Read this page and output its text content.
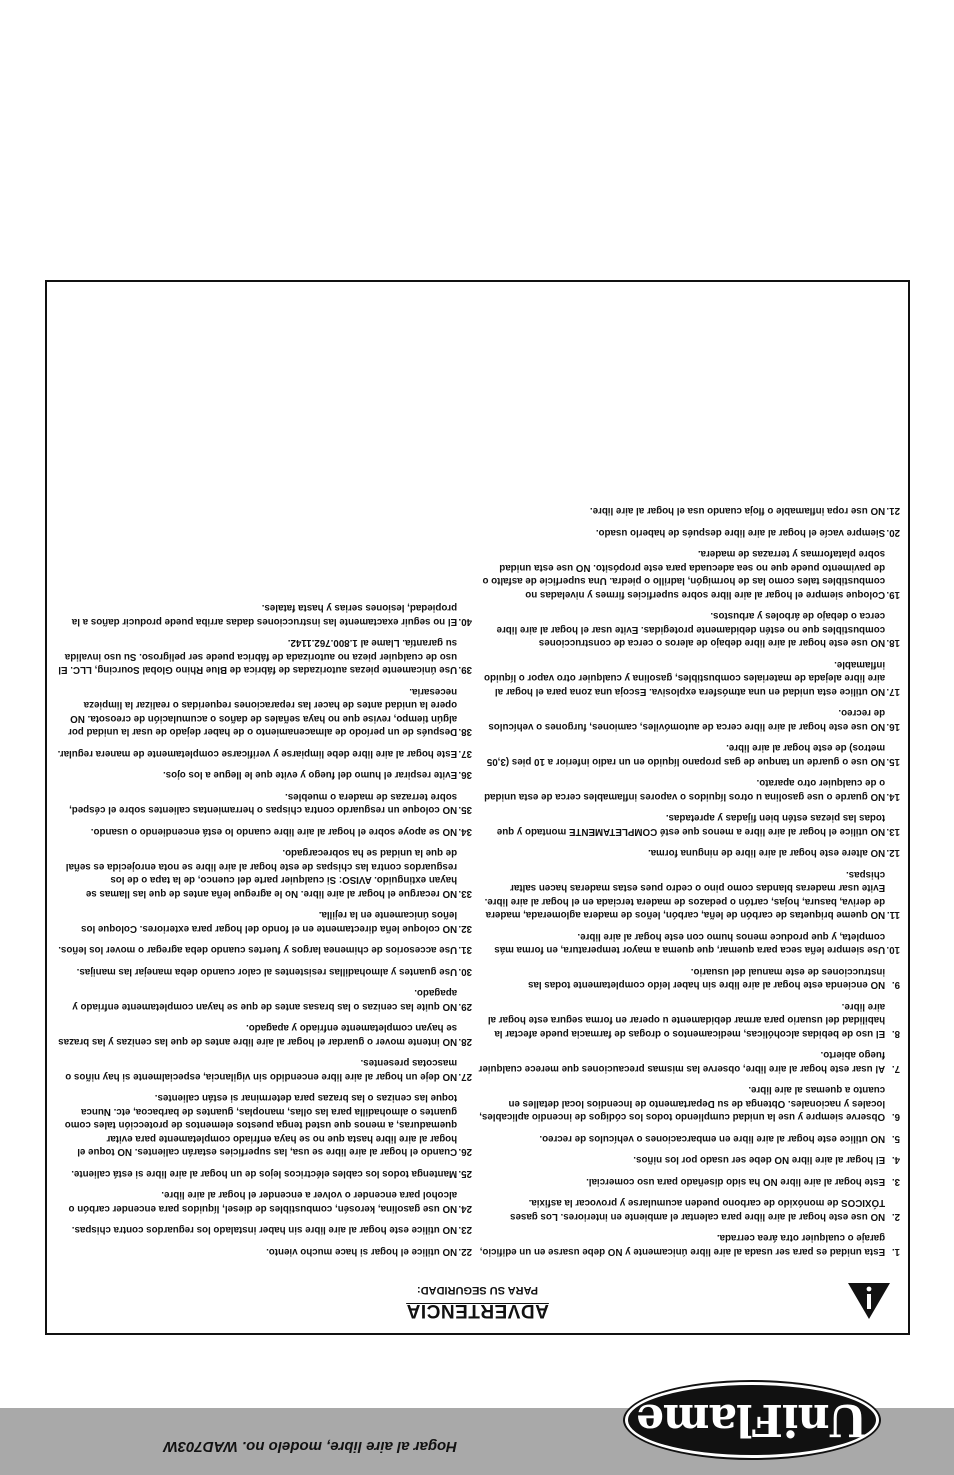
UniFlame
Hogar al aire libre, modelo no. WAD703W
ADVERTENCIA
PARA SU SEGURIDAD:
1.
Esta unidad es para ser usada al aire libre únicamente y NO debe usarse en un edificio, garaje o cualquier otra área cerrada.
2.
NO use este hogar al aire libre para calentar el ambiente en interiores. Los gases TÓXICOS de monóxido de carbono pueden acumularse y provocar la asfixia.
3.
Este hogar al aire libre NO ha sido diseñado para uso comercial.
4.
El hogar al aire libre NO debe ser usado por los niños.
5.
NO utilice este hogar al aire libre en embarcaciones o vehículos de recreo.
6.
Observe siempre y use la unidad cumpliendo todos los códigos de incendio aplicables, locales y nacionales. Obtenga de su Departamento de Incendios local detalles en cuanto a quemas al aire libre.
7.
Al usar este hogar al aire libre, observe las mismas precauciones que merece cualquier fuego abierto.
8.
El uso de bebidas alcohólicas, medicamentos o drogas de farmacia puede afectar la habilidad del usuario para armar debidamente u operar en forma segura este hogar al aire libre.
9.
NO encienda este hogar al aire libre sin haber leído completamente todas las instrucciones de este manual del usuario.
10.
Use siempre leña seca para quemar, que quema a mayor temperatura, en forma más completa, y que produce menos humo con este hogar al aire libre.
11.
NO queme briquetas de carbón de leña, carbón, leños de madera aglomerada, madera de deriva, basura, hojas, cartón o pedazos de madera terciada en el hogar al aire libre. Evite usar maderas blandas como pino o cedro pues estas maderas hacen saltar chispas.
12.
NO altere este hogar al aire libre de ninguna forma.
13.
NO utilice el hogar al aire libre a menos que esté COMPLETAMENTE montado y que todas las piezas estén bien fijadas y apretadas.
14.
NO guarde o use gasolina u otros líquidos o vapores inflamables cerca de esta unidad o de cualquier otro aparato.
15.
NO use o guarde un tanque de gas propano líquido en un radio inferior a 10 pies (3,05 metros) de este hogar al aire libre.
16.
NO use este hogar al aire libre cerca de automóviles, camiones, furgones o vehículos de recreo.
17.
NO utilice esta unidad en una atmósfera explosiva. Escoja una zona para el hogar al aire libre alejada de materiales combustibles, gasolina y cualquier otro vapor o líquido inflamable.
18.
NO use este hogar al aire libre debajo de aleros o cerca de construcciones combustibles que no estén debidamente protegidas. Evite usar el hogar al aire libre cerca o debajo de árboles y arbustos.
19.
Coloque siempre el hogar al aire libre sobre superficies firmes y niveladas no combustibles tales como las de hormigón, ladrillo o piedra. Una superficie de asfalto o de pavimento puede que no sea adecuada para este propósito. NO use esta unidad sobre plataformas y terrazas de madera.
20.
Siempre vacíe el hogar al aire libre después de haberlo usado.
21.
NO use ropa inflamable o floja cuando usa el hogar al aire libre.
22.
NO utilice el hogar si hace mucho viento.
23.
NO utilice este hogar al aire libre sin haber instalado los reguardos contra chispas.
24.
NO use gasolina, kerosén, combustibles de diesel, líquidos para encender carbón o alcohol para encender o volver a encender el hogar al aire libre.
25.
Mantenga todos los cables eléctricos lejos de un hogar al aire libre si está caliente.
26.
Cuando el hogar al aire libre se usa, las superficies estarán calientes. NO toque el hogar al aire libre hasta que no se haya enfriado completamente para evitar quemaduras, a menos que usted tenga puestos elementos de protección tales como guantes o almohadilla para las ollas, manoplas, guantes de barbacoa, etc. Nunca toque las cenizas o las brazas para determinar si están calientes.
27.
NO deje un hogar al aire libre encendido sin vigilancia, especialmente si hay niños o mascotas presentes.
28.
NO intente mover o guardar el hogar al aire libre antes de que las cenizas y las brazas se hayan completamente enfriado y apagado.
29.
NO quite las cenizas o las brasas antes de que se hayan completamente enfriado y apagado.
30.
Use guantes y almohadillas resistentes al calor cuando deba manejar las manijas.
31.
Use accesorios de chimenea largos y fuertes cuando deba agregar o mover los leños.
32.
NO coloque leña directamente en el fondo del hogar para exteriores. Coloque los leños únicamente en la rejilla.
33.
NO recargue el hogar al aire libre. No le agregue leña antes de que las llamas se hayan extinguido. AVISO: Si cualquier parte del cuenco, de la tapa o de los resguardos contra las chispas de este hogar al aire libre se nota enrojecida es señal de que la unidad se ha sobrecargado.
34.
NO se apoye sobre el hogar al aire libre cuando lo está encendiendo o usando.
35.
NO coloque un resguardo contra chispas o herramientas calientes sobre el césped, sobre terrazas de madera o muebles.
36.
Evite respirar el humo del fuego y evite que le llegue a los ojos.
37.
Este hogar al aire libre debe limpiarse y verificarse completamente de manera regular.
38.
Después de un período de almacenamiento o de haber dejado de usar la unidad por algún tiempo, revise que no haya señales de daños o acumulación de creosota. NO opere la unidad antes de hacer las reparaciones requeridas o realizar la limpieza necesaria.
39.
Use únicamente piezas autorizadas de fábrica de Blue Rhino Global Sourcing, LLC. El uso de cualquier pieza no autorizada de fábrica puede ser peligroso. Su uso invalida su garantía. Llame al 1.800.762.1142.
40.
El no seguir exactamente las instrucciones dadas arriba puede producir daños a la propiedad, lesiones serias y hasta fatales.
